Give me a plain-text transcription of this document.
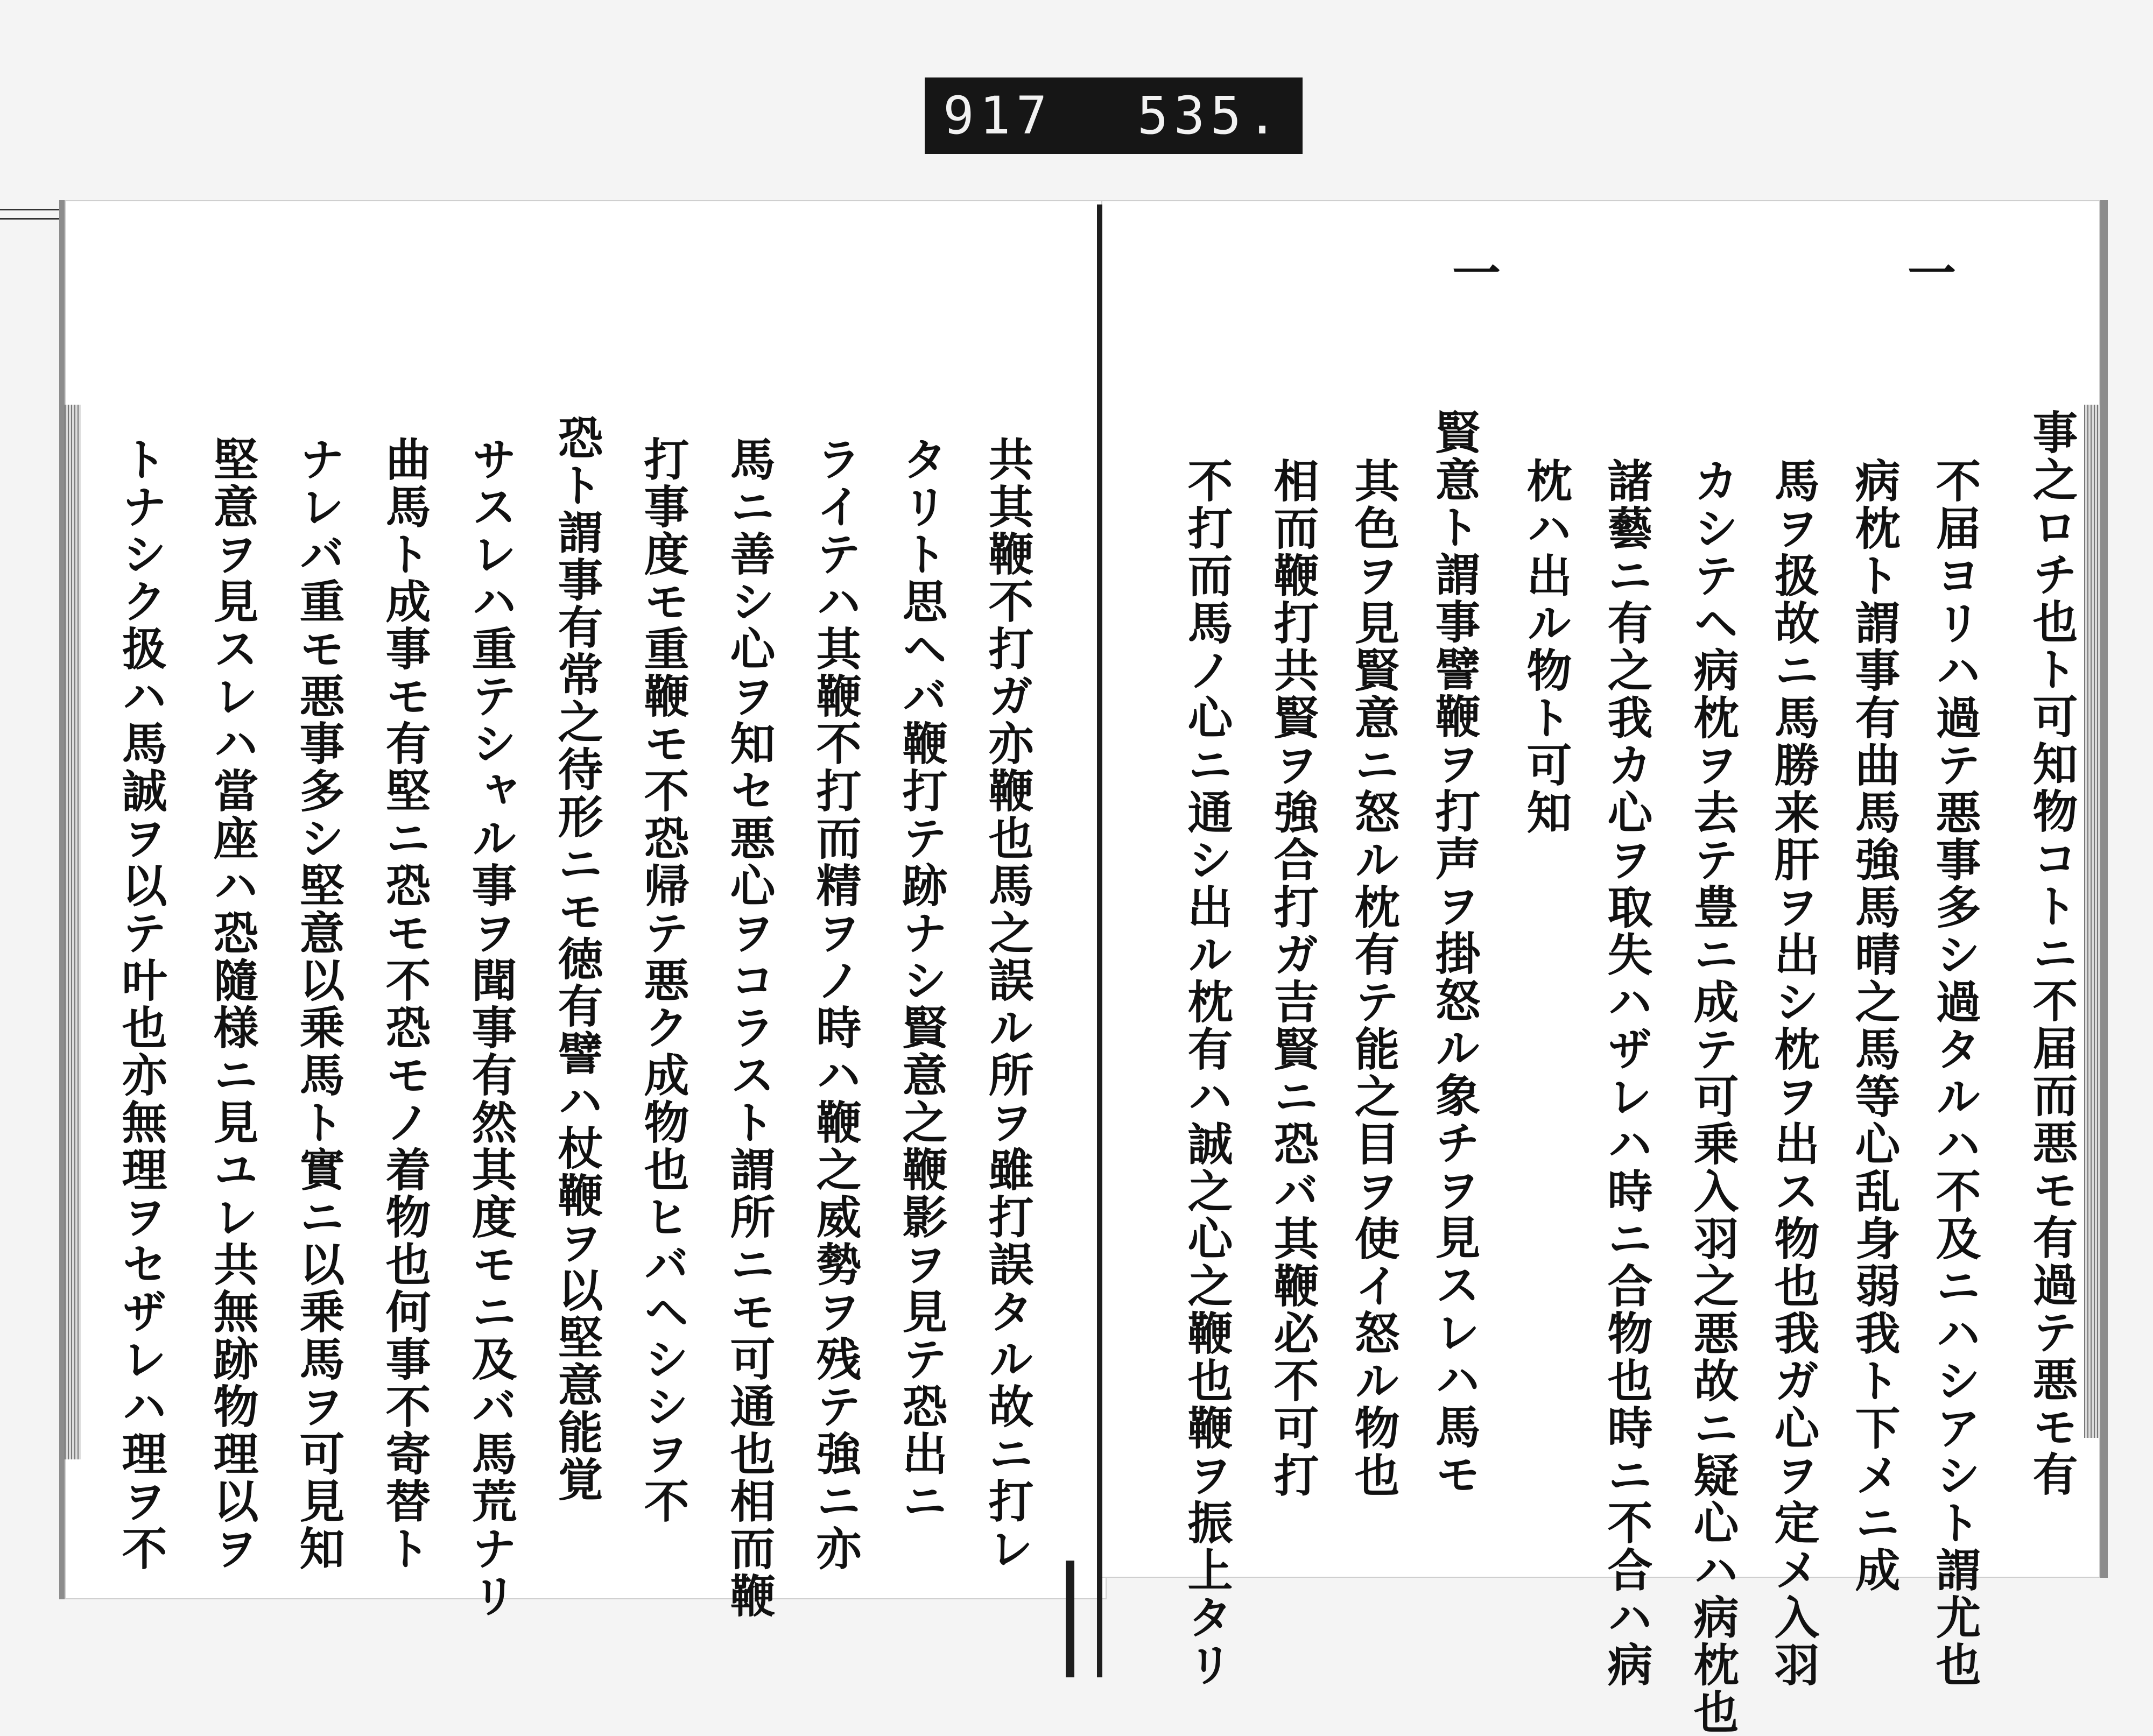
917 535.
一
一
事之ロチ也ト可知物コトニ不届而悪モ有過テ悪モ有
不届ヨリハ過テ悪事多シ過タルハ不及ニハシアシト謂尤也
病枕ト謂事有曲馬強馬晴之馬等心乱身弱我ト下メニ成
馬ヲ扱故ニ馬勝来肝ヲ出シ枕ヲ出ス物也我ガ心ヲ定メ入羽
カシテヘ病枕ヲ去テ豊ニ成テ可乗入羽之悪故ニ疑心ハ病枕也
諸藝ニ有之我カ心ヲ取失ハザレハ時ニ合物也時ニ不合ハ病
枕ハ出ル物ト可知
賢意ト謂事譬鞭ヲ打声ヲ掛怒ル象チヲ見スレハ馬モ
其色ヲ見賢意ニ怒ル枕有テ能之目ヲ使イ怒ル物也
相而鞭打共賢ヲ強合打ガ吉賢ニ恐バ其鞭必不可打
不打而馬ノ心ニ通シ出ル枕有ハ誠之心之鞭也鞭ヲ振上タリ
共其鞭不打ガ亦鞭也馬之誤ル所ヲ雖打誤タル故ニ打レ
タリト思ヘバ鞭打テ跡ナシ賢意之鞭影ヲ見テ恐出ニ
ライテハ其鞭不打而精ヲノ時ハ鞭之威勢ヲ残テ強ニ亦
馬ニ善シ心ヲ知セ悪心ヲコラスト謂所ニモ可通也相而鞭
打事度モ重鞭モ不恐帰テ悪ク成物也ヒバヘシシヲ不
恐ト謂事有常之待形ニモ徳有譬ハ杖鞭ヲ以堅意能覚
サスレハ重テシャル事ヲ聞事有然其度モニ及バ馬荒ナリ
曲馬ト成事モ有堅ニ恐モ不恐モノ着物也何事不寄替ト
ナレバ重モ悪事多シ堅意以乗馬ト實ニ以乗馬ヲ可見知
堅意ヲ見スレハ當座ハ恐隨様ニ見ユレ共無跡物理以ヲ
トナシク扱ハ馬誠ヲ以テ叶也亦無理ヲセザレハ理ヲ不
